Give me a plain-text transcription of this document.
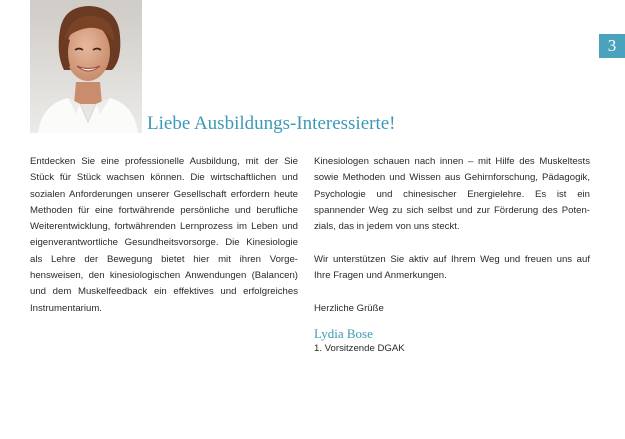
3
Liebe Ausbildungs-Interessierte!

Entdecken Sie eine professionelle Ausbildung, mit der Sie Stück für Stück wachsen können. Die wirtschaftlichen und sozialen Anforderungen unserer Gesellschaft erfordern heute Methoden für eine fortwährende persönliche und berufliche Weiterentwicklung, fortwährenden Lernprozess im Leben und eigenverantwortliche Gesundheitsvorsorge. Die Kinesiologie als Lehre der Bewegung bietet hier mit ihren Vorgehensweisen, den kinesiologischen Anwendungen (Balancen) und dem Muskelfeedback ein effektives und erfolgreiches Instrumentarium.

Kinesiologen schauen nach innen – mit Hilfe des Muskeltests sowie Methoden und Wissen aus Gehirnforschung, Pädagogik, Psychologie und chinesischer Energielehre. Es ist ein spannender Weg zu sich selbst und zur Förderung des Potenzials, das in jedem von uns steckt.

Wir unterstützen Sie aktiv auf Ihrem Weg und freuen uns auf Ihre Fragen und Anmerkungen.

Herzliche Grüße

Lydia Bose

1. Vorsitzende DGAK
